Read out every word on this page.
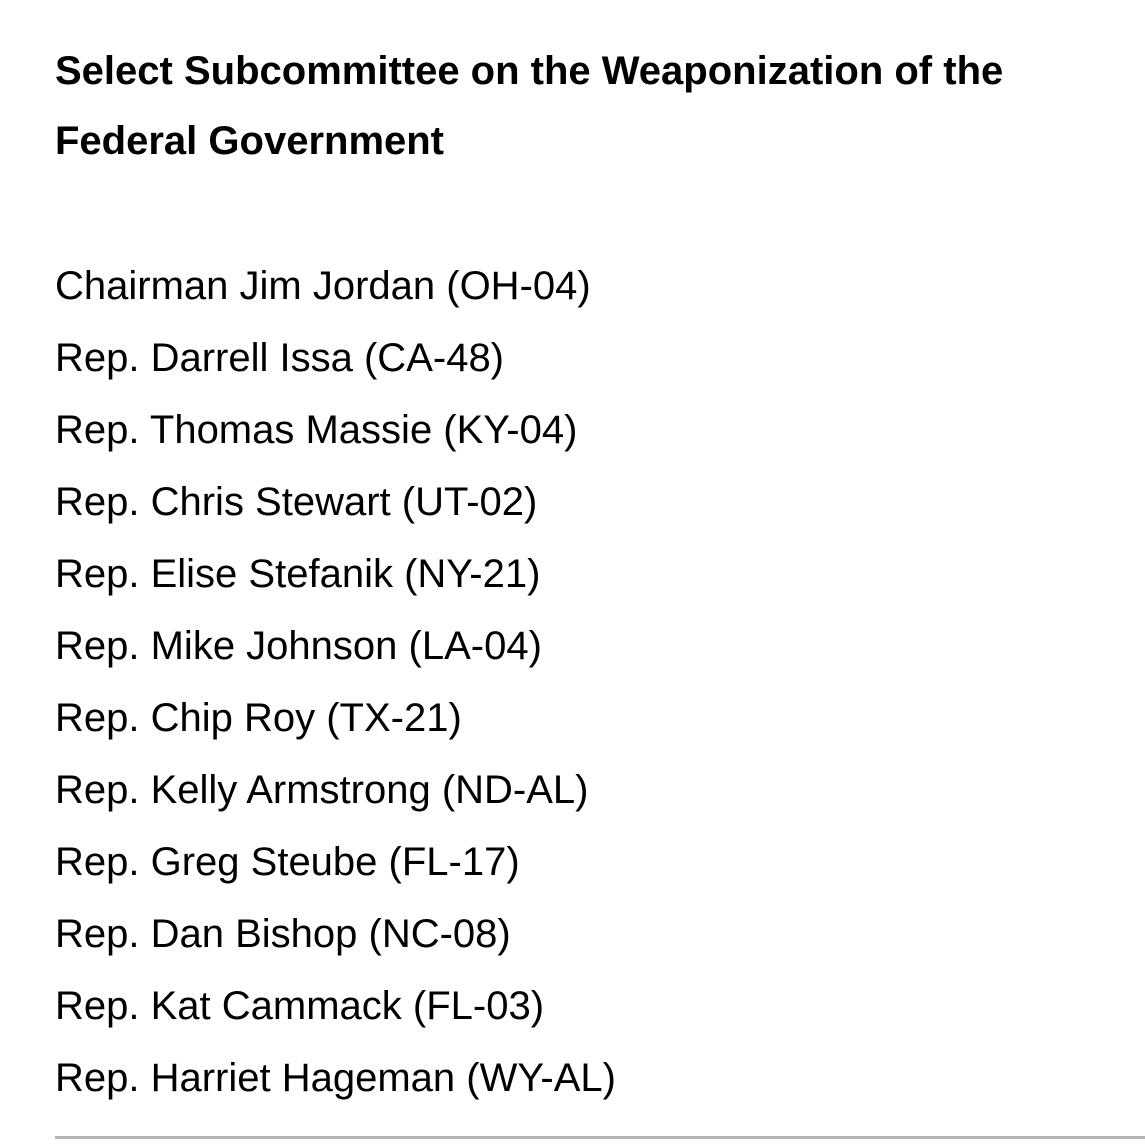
Select Subcommittee on the Weaponization of the Federal Government
Chairman Jim Jordan (OH-04)
Rep. Darrell Issa (CA-48)
Rep. Thomas Massie (KY-04)
Rep. Chris Stewart (UT-02)
Rep. Elise Stefanik (NY-21)
Rep. Mike Johnson (LA-04)
Rep. Chip Roy (TX-21)
Rep. Kelly Armstrong (ND-AL)
Rep. Greg Steube (FL-17)
Rep. Dan Bishop (NC-08)
Rep. Kat Cammack (FL-03)
Rep. Harriet Hageman (WY-AL)
